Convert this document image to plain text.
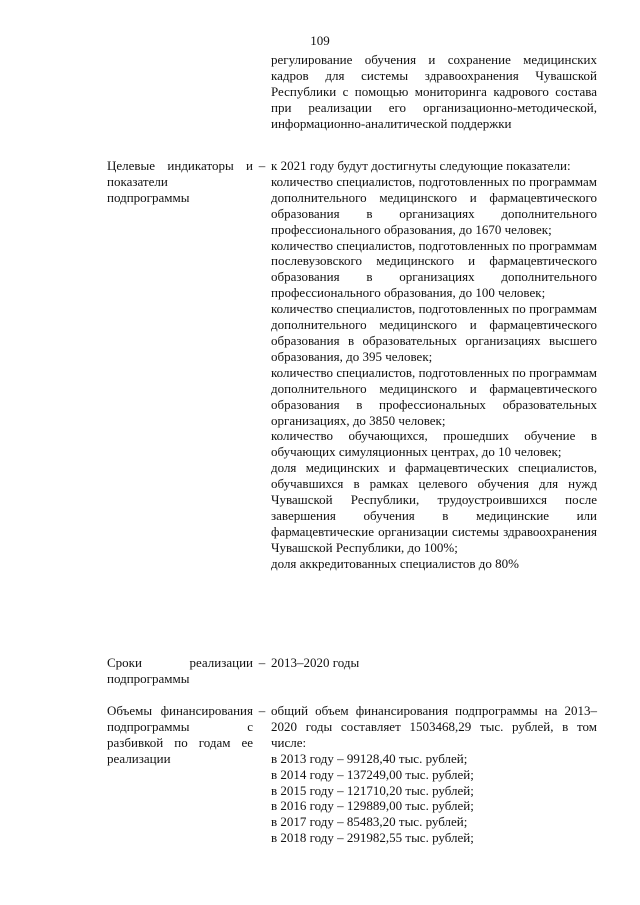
109
регулирование обучения и сохранение медицинских кадров для системы здравоохранения Чувашской Республики с помощью мониторинга кадрового состава при реализации его организационно-методической, информационно-аналитической поддержки
Целевые индикаторы и показатели подпрограммы
– к 2021 году будут достигнуты следующие показатели:
количество специалистов, подготовленных по программам дополнительного медицинского и фармацевтического образования в организациях дополнительного профессионального образования, до 1670 человек;
количество специалистов, подготовленных по программам послевузовского медицинского и фармацевтического образования в организациях дополнительного профессионального образования, до 100 человек;
количество специалистов, подготовленных по программам дополнительного медицинского и фармацевтического образования в образовательных организациях высшего образования, до 395 человек;
количество специалистов, подготовленных по программам дополнительного медицинского и фармацевтического образования в профессиональных образовательных организациях, до 3850 человек;
количество обучающихся, прошедших обучение в обучающих симуляционных центрах, до 10 человек;
доля медицинских и фармацевтических специалистов, обучавшихся в рамках целевого обучения для нужд Чувашской Республики, трудоустроившихся после завершения обучения в медицинские или фармацевтические организации системы здравоохранения Чувашской Республики, до 100%;
доля аккредитованных специалистов до 80%
Сроки реализации подпрограммы
– 2013–2020 годы
Объемы финансирования подпрограммы с разбивкой по годам ее реализации
– общий объем финансирования подпрограммы на 2013–2020 годы составляет 1503468,29 тыс. рублей, в том числе:
в 2013 году – 99128,40 тыс. рублей;
в 2014 году – 137249,00 тыс. рублей;
в 2015 году – 121710,20 тыс. рублей;
в 2016 году – 129889,00 тыс. рублей;
в 2017 году – 85483,20 тыс. рублей;
в 2018 году – 291982,55 тыс. рублей;
